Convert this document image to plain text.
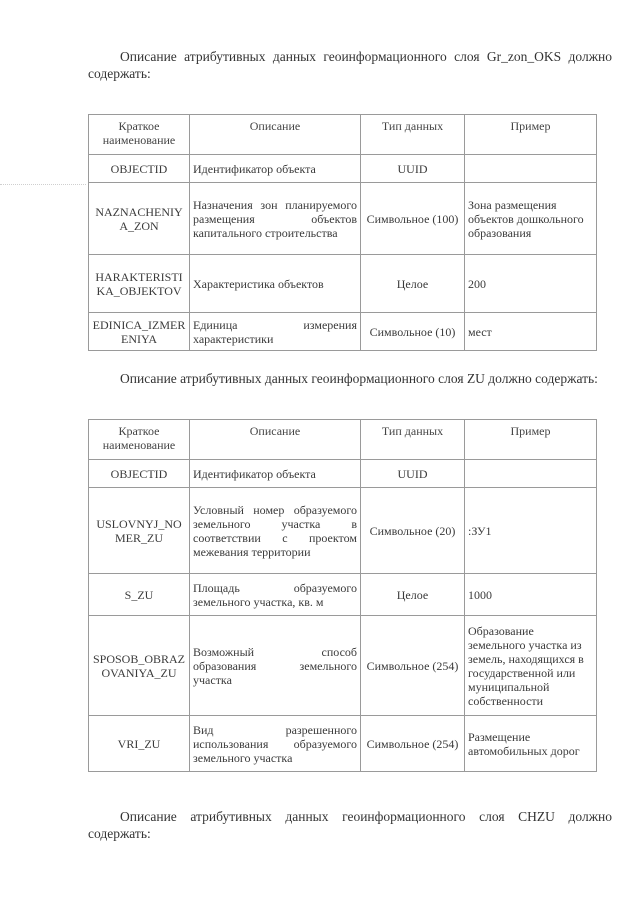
Описание атрибутивных данных геоинформационного слоя Gr_zon_OKS должно содержать:

Краткое наименование	Описание	Тип данных	Пример
OBJECTID	Идентификатор объекта	UUID	
NAZNACHENIYA_ZON	Назначения зон планируемого размещения объектов капитального строительства	Символьное (100)	Зона размещения объектов дошкольного образования
HARAKTERISTIKA_OBJEKTOV	Характеристика объектов	Целое	200
EDINICA_IZMERENIYA	Единица измерения характеристики	Символьное (10)	мест

Описание атрибутивных данных геоинформационного слоя ZU должно содержать:

Краткое наименование	Описание	Тип данных	Пример
OBJECTID	Идентификатор объекта	UUID	
USLOVNYJ_NOMER_ZU	Условный номер образуемого земельного участка в соответствии с проектом межевания территории	Символьное (20)	:ЗУ1
S_ZU	Площадь образуемого земельного участка, кв. м	Целое	1000
SPOSOB_OBRAZOVANIYA_ZU	Возможный способ образования земельного участка	Символьное (254)	Образование земельного участка из земель, находящихся в государственной или муниципальной собственности
VRI_ZU	Вид разрешенного использования образуемого земельного участка	Символьное (254)	Размещение автомобильных дорог

Описание атрибутивных данных геоинформационного слоя CHZU должно содержать:
